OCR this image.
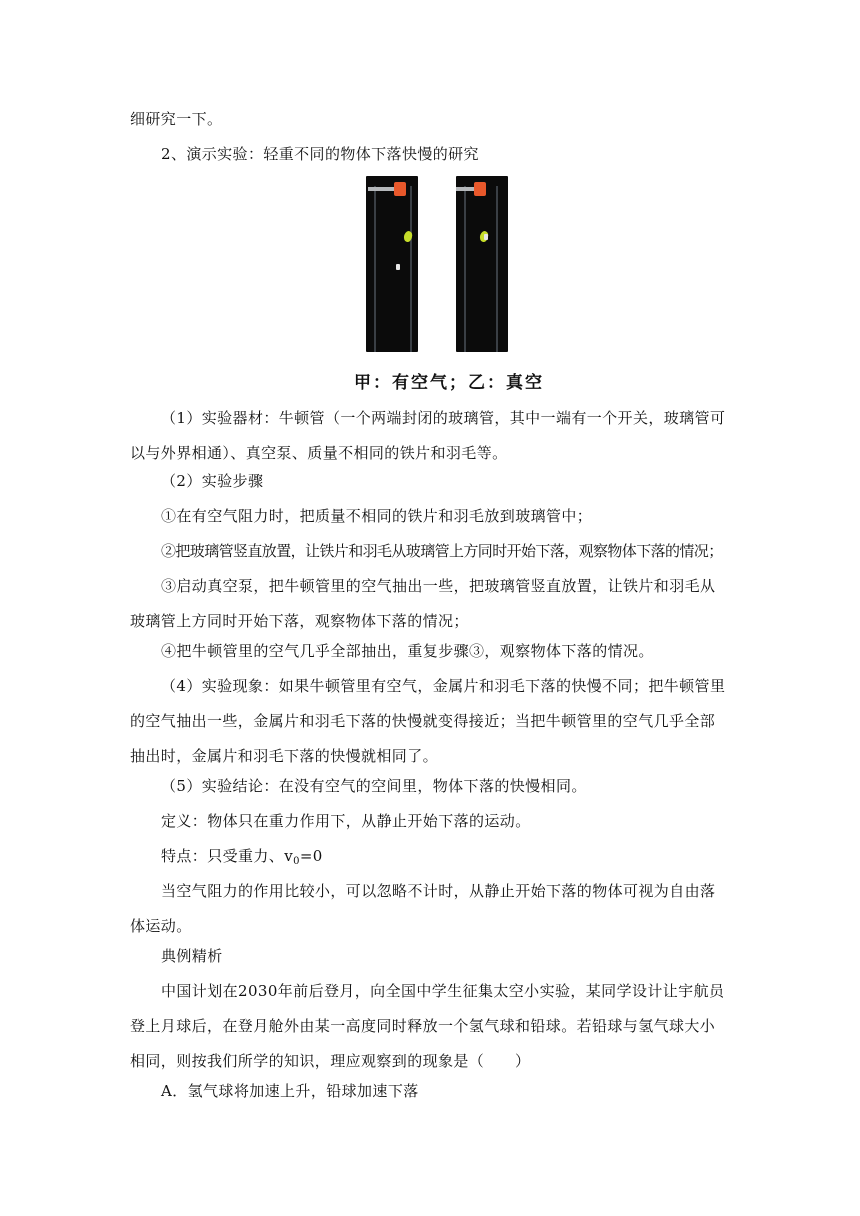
细研究一下。

2、演示实验：轻重不同的物体下落快慢的研究

甲：有空气；乙：真空

（1）实验器材：牛顿管（一个两端封闭的玻璃管，其中一端有一个开关，玻璃管可以与外界相通）、真空泵、质量不相同的铁片和羽毛等。

（2）实验步骤

①在有空气阻力时，把质量不相同的铁片和羽毛放到玻璃管中；

②把玻璃管竖直放置，让铁片和羽毛从玻璃管上方同时开始下落，观察物体下落的情况；

③启动真空泵，把牛顿管里的空气抽出一些，把玻璃管竖直放置，让铁片和羽毛从玻璃管上方同时开始下落，观察物体下落的情况；

④把牛顿管里的空气几乎全部抽出，重复步骤③，观察物体下落的情况。

（4）实验现象：如果牛顿管里有空气，金属片和羽毛下落的快慢不同；把牛顿管里的空气抽出一些，金属片和羽毛下落的快慢就变得接近；当把牛顿管里的空气几乎全部抽出时，金属片和羽毛下落的快慢就相同了。

（5）实验结论：在没有空气的空间里，物体下落的快慢相同。

定义：物体只在重力作用下，从静止开始下落的运动。

特点：只受重力、$v_0=0$

当空气阻力的作用比较小，可以忽略不计时，从静止开始下落的物体可视为自由落体运动。

典例精析

中国计划在2030年前后登月，向全国中学生征集太空小实验，某同学设计让宇航员登上月球后，在登月舱外由某一高度同时释放一个氢气球和铅球。若铅球与氢气球大小相同，则按我们所学的知识，理应观察到的现象是（　　）

A．氢气球将加速上升，铅球加速下落
